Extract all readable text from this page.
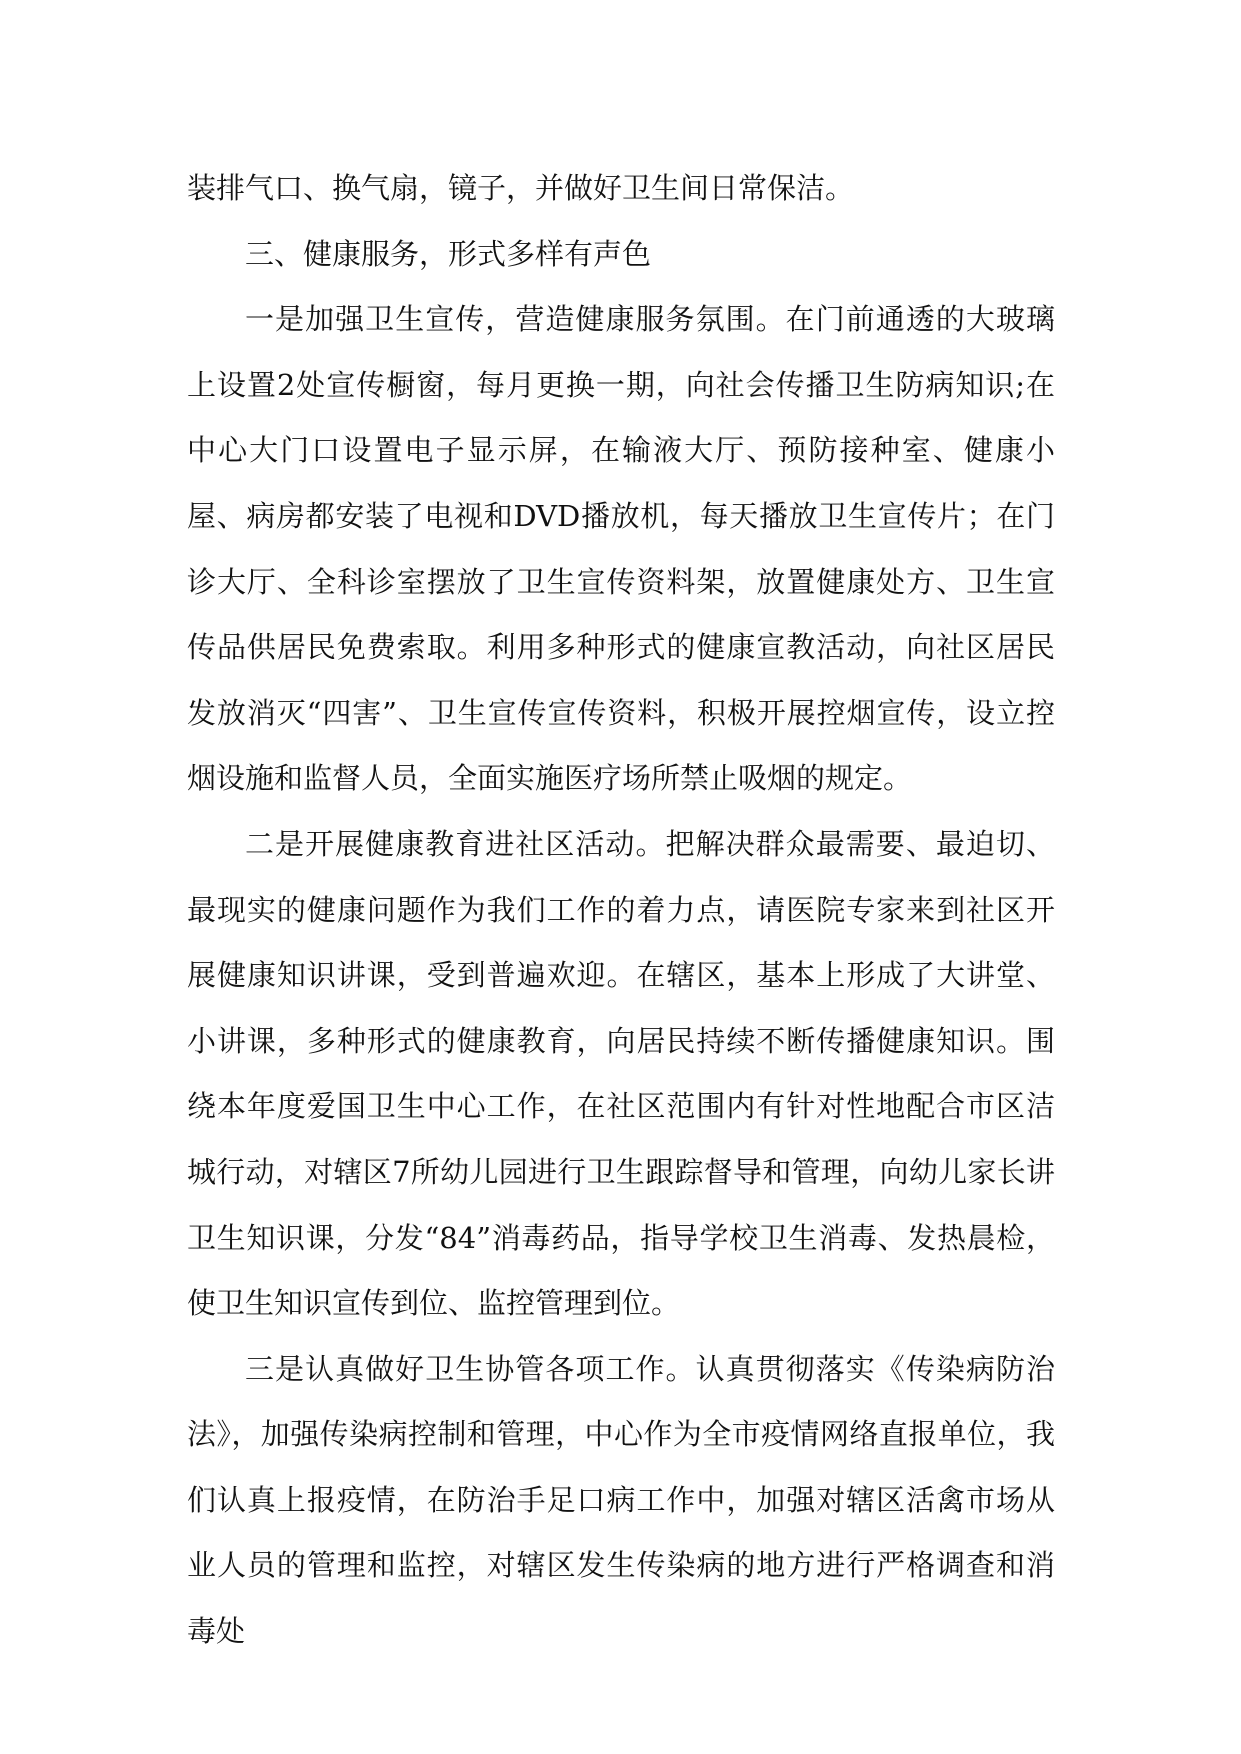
装排气口、换气扇，镜子，并做好卫生间日常保洁。

三、健康服务，形式多样有声色

一是加强卫生宣传，营造健康服务氛围。在门前通透的大玻璃上设置2处宣传橱窗，每月更换一期，向社会传播卫生防病知识;在中心大门口设置电子显示屏，在输液大厅、预防接种室、健康小屋、病房都安装了电视和DVD播放机，每天播放卫生宣传片；在门诊大厅、全科诊室摆放了卫生宣传资料架，放置健康处方、卫生宣传品供居民免费索取。利用多种形式的健康宣教活动，向社区居民发放消灭“四害”、卫生宣传宣传资料，积极开展控烟宣传，设立控烟设施和监督人员，全面实施医疗场所禁止吸烟的规定。

二是开展健康教育进社区活动。把解决群众最需要、最迫切、最现实的健康问题作为我们工作的着力点，请医院专家来到社区开展健康知识讲课，受到普遍欢迎。在辖区，基本上形成了大讲堂、小讲课，多种形式的健康教育，向居民持续不断传播健康知识。围绕本年度爱国卫生中心工作，在社区范围内有针对性地配合市区洁城行动，对辖区7所幼儿园进行卫生跟踪督导和管理，向幼儿家长讲卫生知识课，分发“84”消毒药品，指导学校卫生消毒、发热晨检，使卫生知识宣传到位、监控管理到位。

三是认真做好卫生协管各项工作。认真贯彻落实《传染病防治法》，加强传染病控制和管理，中心作为全市疫情网络直报单位，我们认真上报疫情，在防治手足口病工作中，加强对辖区活禽市场从业人员的管理和监控，对辖区发生传染病的地方进行严格调查和消毒处
